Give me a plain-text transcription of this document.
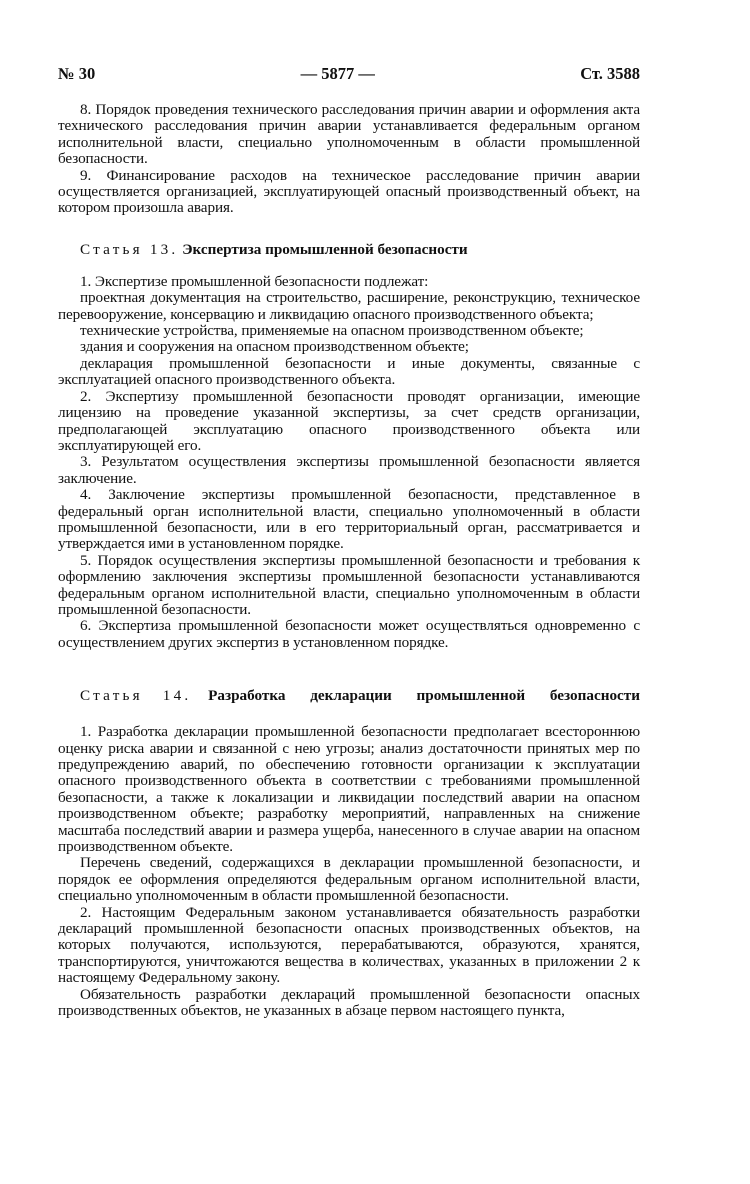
№ 30	— 5877 —	Ст. 3588

8. Порядок проведения технического расследования причин аварии и оформления акта технического расследования причин аварии устанавливается федеральным органом исполнительной власти, специально уполномоченным в области промышленной безопасности.

9. Финансирование расходов на техническое расследование причин аварии осуществляется организацией, эксплуатирующей опасный производственный объект, на котором произошла авария.

Статья 13. Экспертиза промышленной безопасности

1. Экспертизе промышленной безопасности подлежат:

проектная документация на строительство, расширение, реконструкцию, техническое перевооружение, консервацию и ликвидацию опасного производственного объекта;

технические устройства, применяемые на опасном производственном объекте;

здания и сооружения на опасном производственном объекте;

декларация промышленной безопасности и иные документы, связанные с эксплуатацией опасного производственного объекта.

2. Экспертизу промышленной безопасности проводят организации, имеющие лицензию на проведение указанной экспертизы, за счет средств организации, предполагающей эксплуатацию опасного производственного объекта или эксплуатирующей его.

3. Результатом осуществления экспертизы промышленной безопасности является заключение.

4. Заключение экспертизы промышленной безопасности, представленное в федеральный орган исполнительной власти, специально уполномоченный в области промышленной безопасности, или в его территориальный орган, рассматривается и утверждается ими в установленном порядке.

5. Порядок осуществления экспертизы промышленной безопасности и требования к оформлению заключения экспертизы промышленной безопасности устанавливаются федеральным органом исполнительной власти, специально уполномоченным в области промышленной безопасности.

6. Экспертиза промышленной безопасности может осуществляться одновременно с осуществлением других экспертиз в установленном порядке.

Статья 14. Разработка декларации промышленной безопасности

1. Разработка декларации промышленной безопасности предполагает всестороннюю оценку риска аварии и связанной с нею угрозы; анализ достаточности принятых мер по предупреждению аварий, по обеспечению готовности организации к эксплуатации опасного производственного объекта в соответствии с требованиями промышленной безопасности, а также к локализации и ликвидации последствий аварии на опасном производственном объекте; разработку мероприятий, направленных на снижение масштаба последствий аварии и размера ущерба, нанесенного в случае аварии на опасном производственном объекте.

Перечень сведений, содержащихся в декларации промышленной безопасности, и порядок ее оформления определяются федеральным органом исполнительной власти, специально уполномоченным в области промышленной безопасности.

2. Настоящим Федеральным законом устанавливается обязательность разработки деклараций промышленной безопасности опасных производственных объектов, на которых получаются, используются, перерабатываются, образуются, хранятся, транспортируются, уничтожаются вещества в количествах, указанных в приложении 2 к настоящему Федеральному закону.

Обязательность разработки деклараций промышленной безопасности опасных производственных объектов, не указанных в абзаце первом настоящего пункта,
